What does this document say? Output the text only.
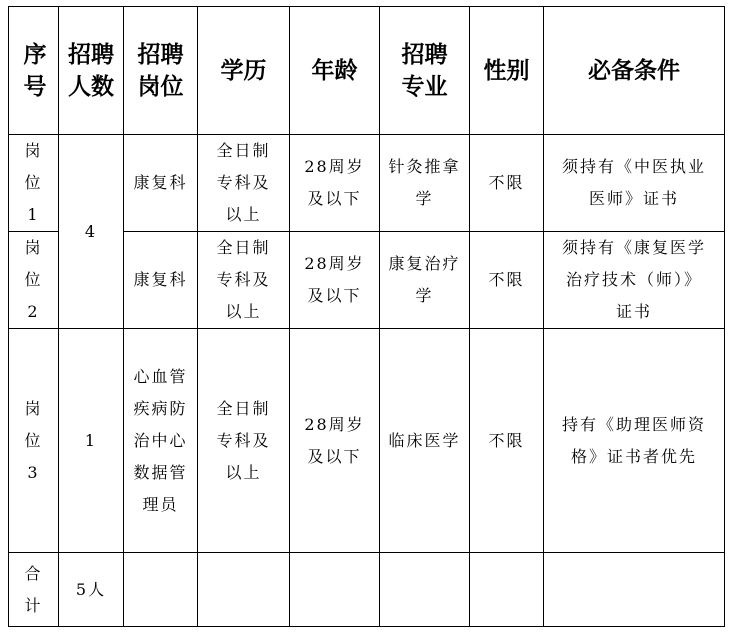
序号	招聘人数	招聘岗位	学历	年龄	招聘专业	性别	必备条件
岗位1	4	康复科	全日制专科及以上	28周岁及以下	针灸推拿学	不限	须持有《中医执业医师》证书
岗位2		康复科	全日制专科及以上	28周岁及以下	康复治疗学	不限	须持有《康复医学治疗技术（师）》证书
岗位3	1	心血管疾病防治中心数据管理员	全日制专科及以上	28周岁及以下	临床医学	不限	持有《助理医师资格》证书者优先
合计	5人						
